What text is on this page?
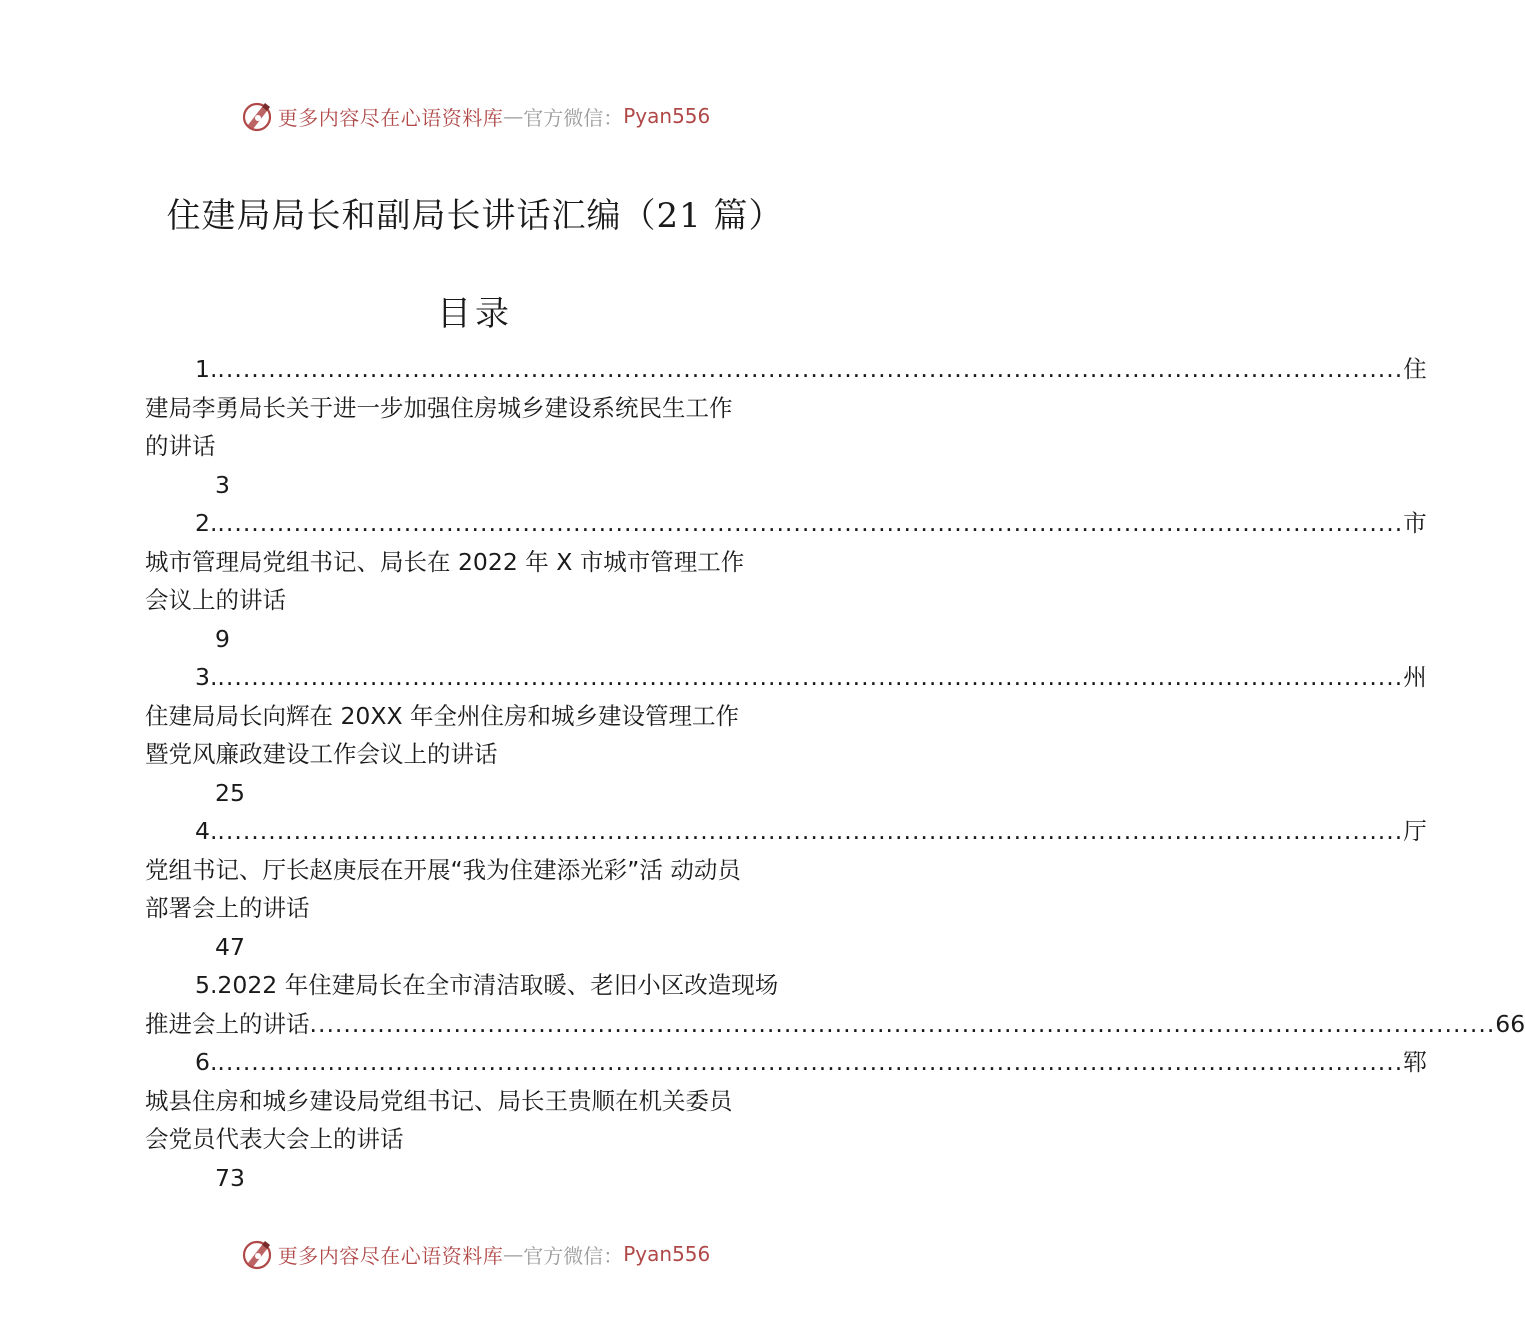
更多内容尽在心语资料库 — 官方微信： Pyan556
住建局局长和副局长讲话汇编（21 篇）
目录
1. ............................................................................................................................................ 住
建局李勇局长关于进一步加强住房城乡建设系统民生工作
的讲话
3
2. ............................................................................................................................................ 市
城市管理局党组书记、局长在 2022 年 X 市城市管理工作
会议上的讲话
9
3. ............................................................................................................................................ 州
住建局局长向辉在 20XX 年全州住房和城乡建设管理工作
暨党风廉政建设工作会议上的讲话
25
4. ............................................................................................................................................ 厅
党组书记、厅长赵庚辰在开展“我为住建添光彩”活 动动员
部署会上的讲话
47
5.2022 年住建局长在全市清洁取暖、老旧小区改造现场
推进会上的讲话 ............................................................................................................................................ 66
6. ............................................................................................................................................ 郓
城县住房和城乡建设局党组书记、局长王贵顺在机关委员
会党员代表大会上的讲话
73
更多内容尽在心语资料库 — 官方微信： Pyan556
